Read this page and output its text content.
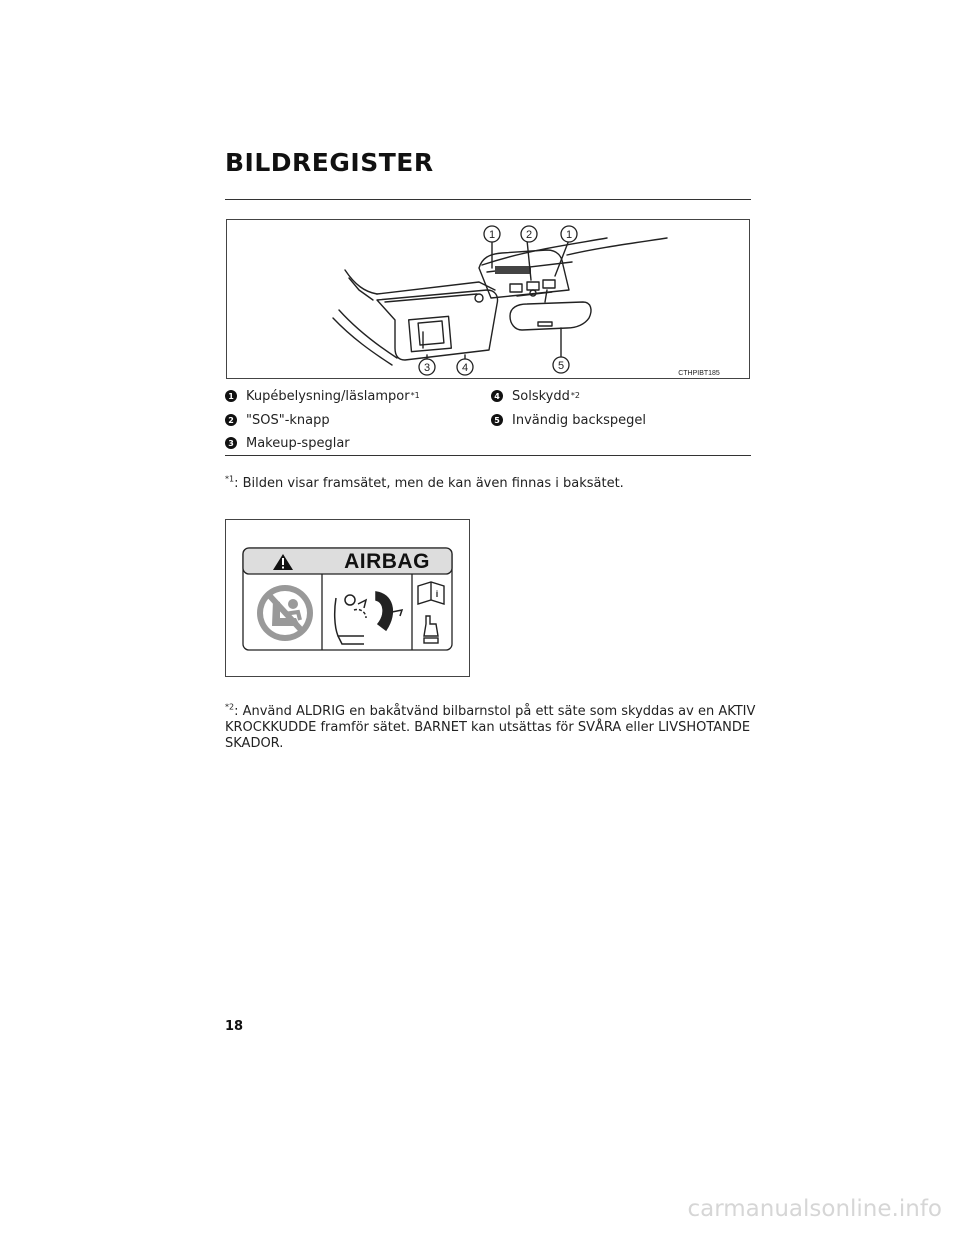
BILDREGISTER
1	2	1
3	4	5
CTHPIBT185
1 Kupébelysning/läslampor *1
2 "SOS"-knapp
3 Makeup-speglar
4 Solskydd *2
5 Invändig backspegel
$^{*1}$: Bilden visar framsätet, men de kan även finnas i baksätet.
i
AIRBAG
$^{*2}$: Använd ALDRIG en bakåtvänd bilbarnstol på ett säte som skyddas av en AKTIV
KROCKKUDDE framför sätet. BARNET kan utsättas för SVÅRA eller LIVSHOTANDE
SKADOR.
18
carmanualsonline.info
